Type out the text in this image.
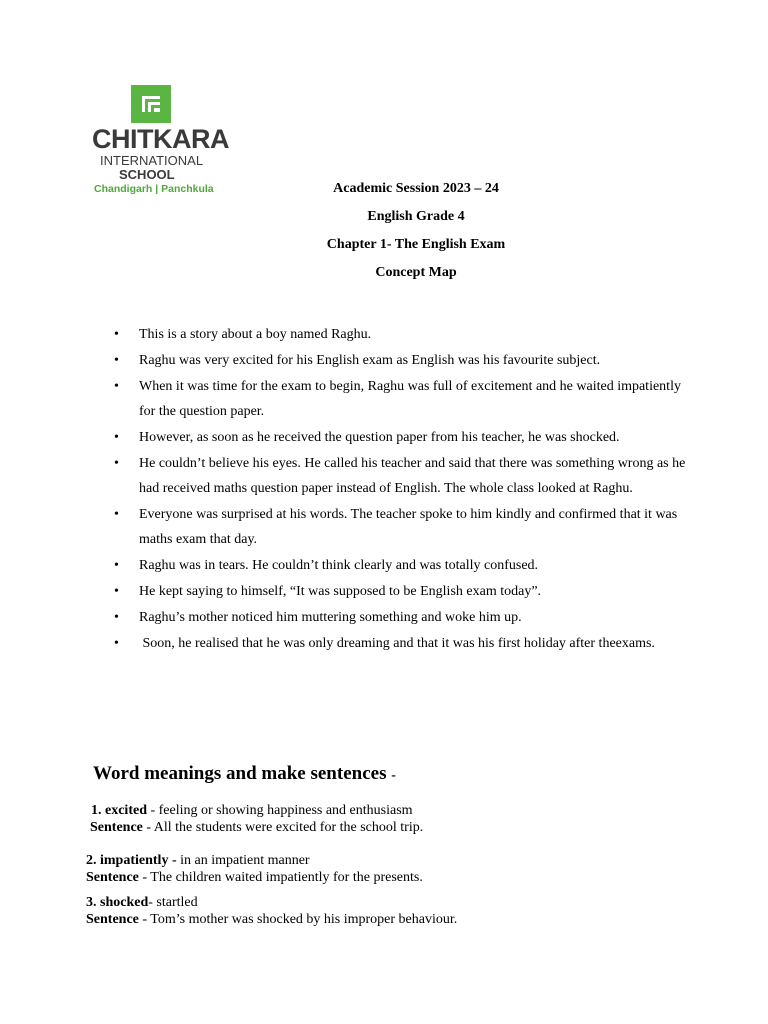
CHITKARA
INTERNATIONAL
SCHOOL
Chandigarh | Panchkula	Academic Session 2023 – 24
English Grade 4
Chapter 1- The English Exam
Concept Map
• This is a story about a boy named Raghu.
• Raghu was very excited for his English exam as English was his favourite subject.
• When it was time for the exam to begin, Raghu was full of excitement and he waited impatiently for the question paper.
• However, as soon as he received the question paper from his teacher, he was shocked.
• He couldn’t believe his eyes. He called his teacher and said that there was something wrong as he had received maths question paper instead of English. The whole class looked at Raghu.
• Everyone was surprised at his words. The teacher spoke to him kindly and confirmed that it was maths exam that day.
• Raghu was in tears. He couldn’t think clearly and was totally confused.
• He kept saying to himself, “It was supposed to be English exam today”.
• Raghu’s mother noticed him muttering something and woke him up.
•  Soon, he realised that he was only dreaming and that it was his first holiday after theexams.
Word meanings and make sentences -
1. excited - feeling or showing happiness and enthusiasm
Sentence - All the students were excited for the school trip.
2. impatiently - in an impatient manner
Sentence - The children waited impatiently for the presents.
3. shocked- startled
Sentence - Tom’s mother was shocked by his improper behaviour.
